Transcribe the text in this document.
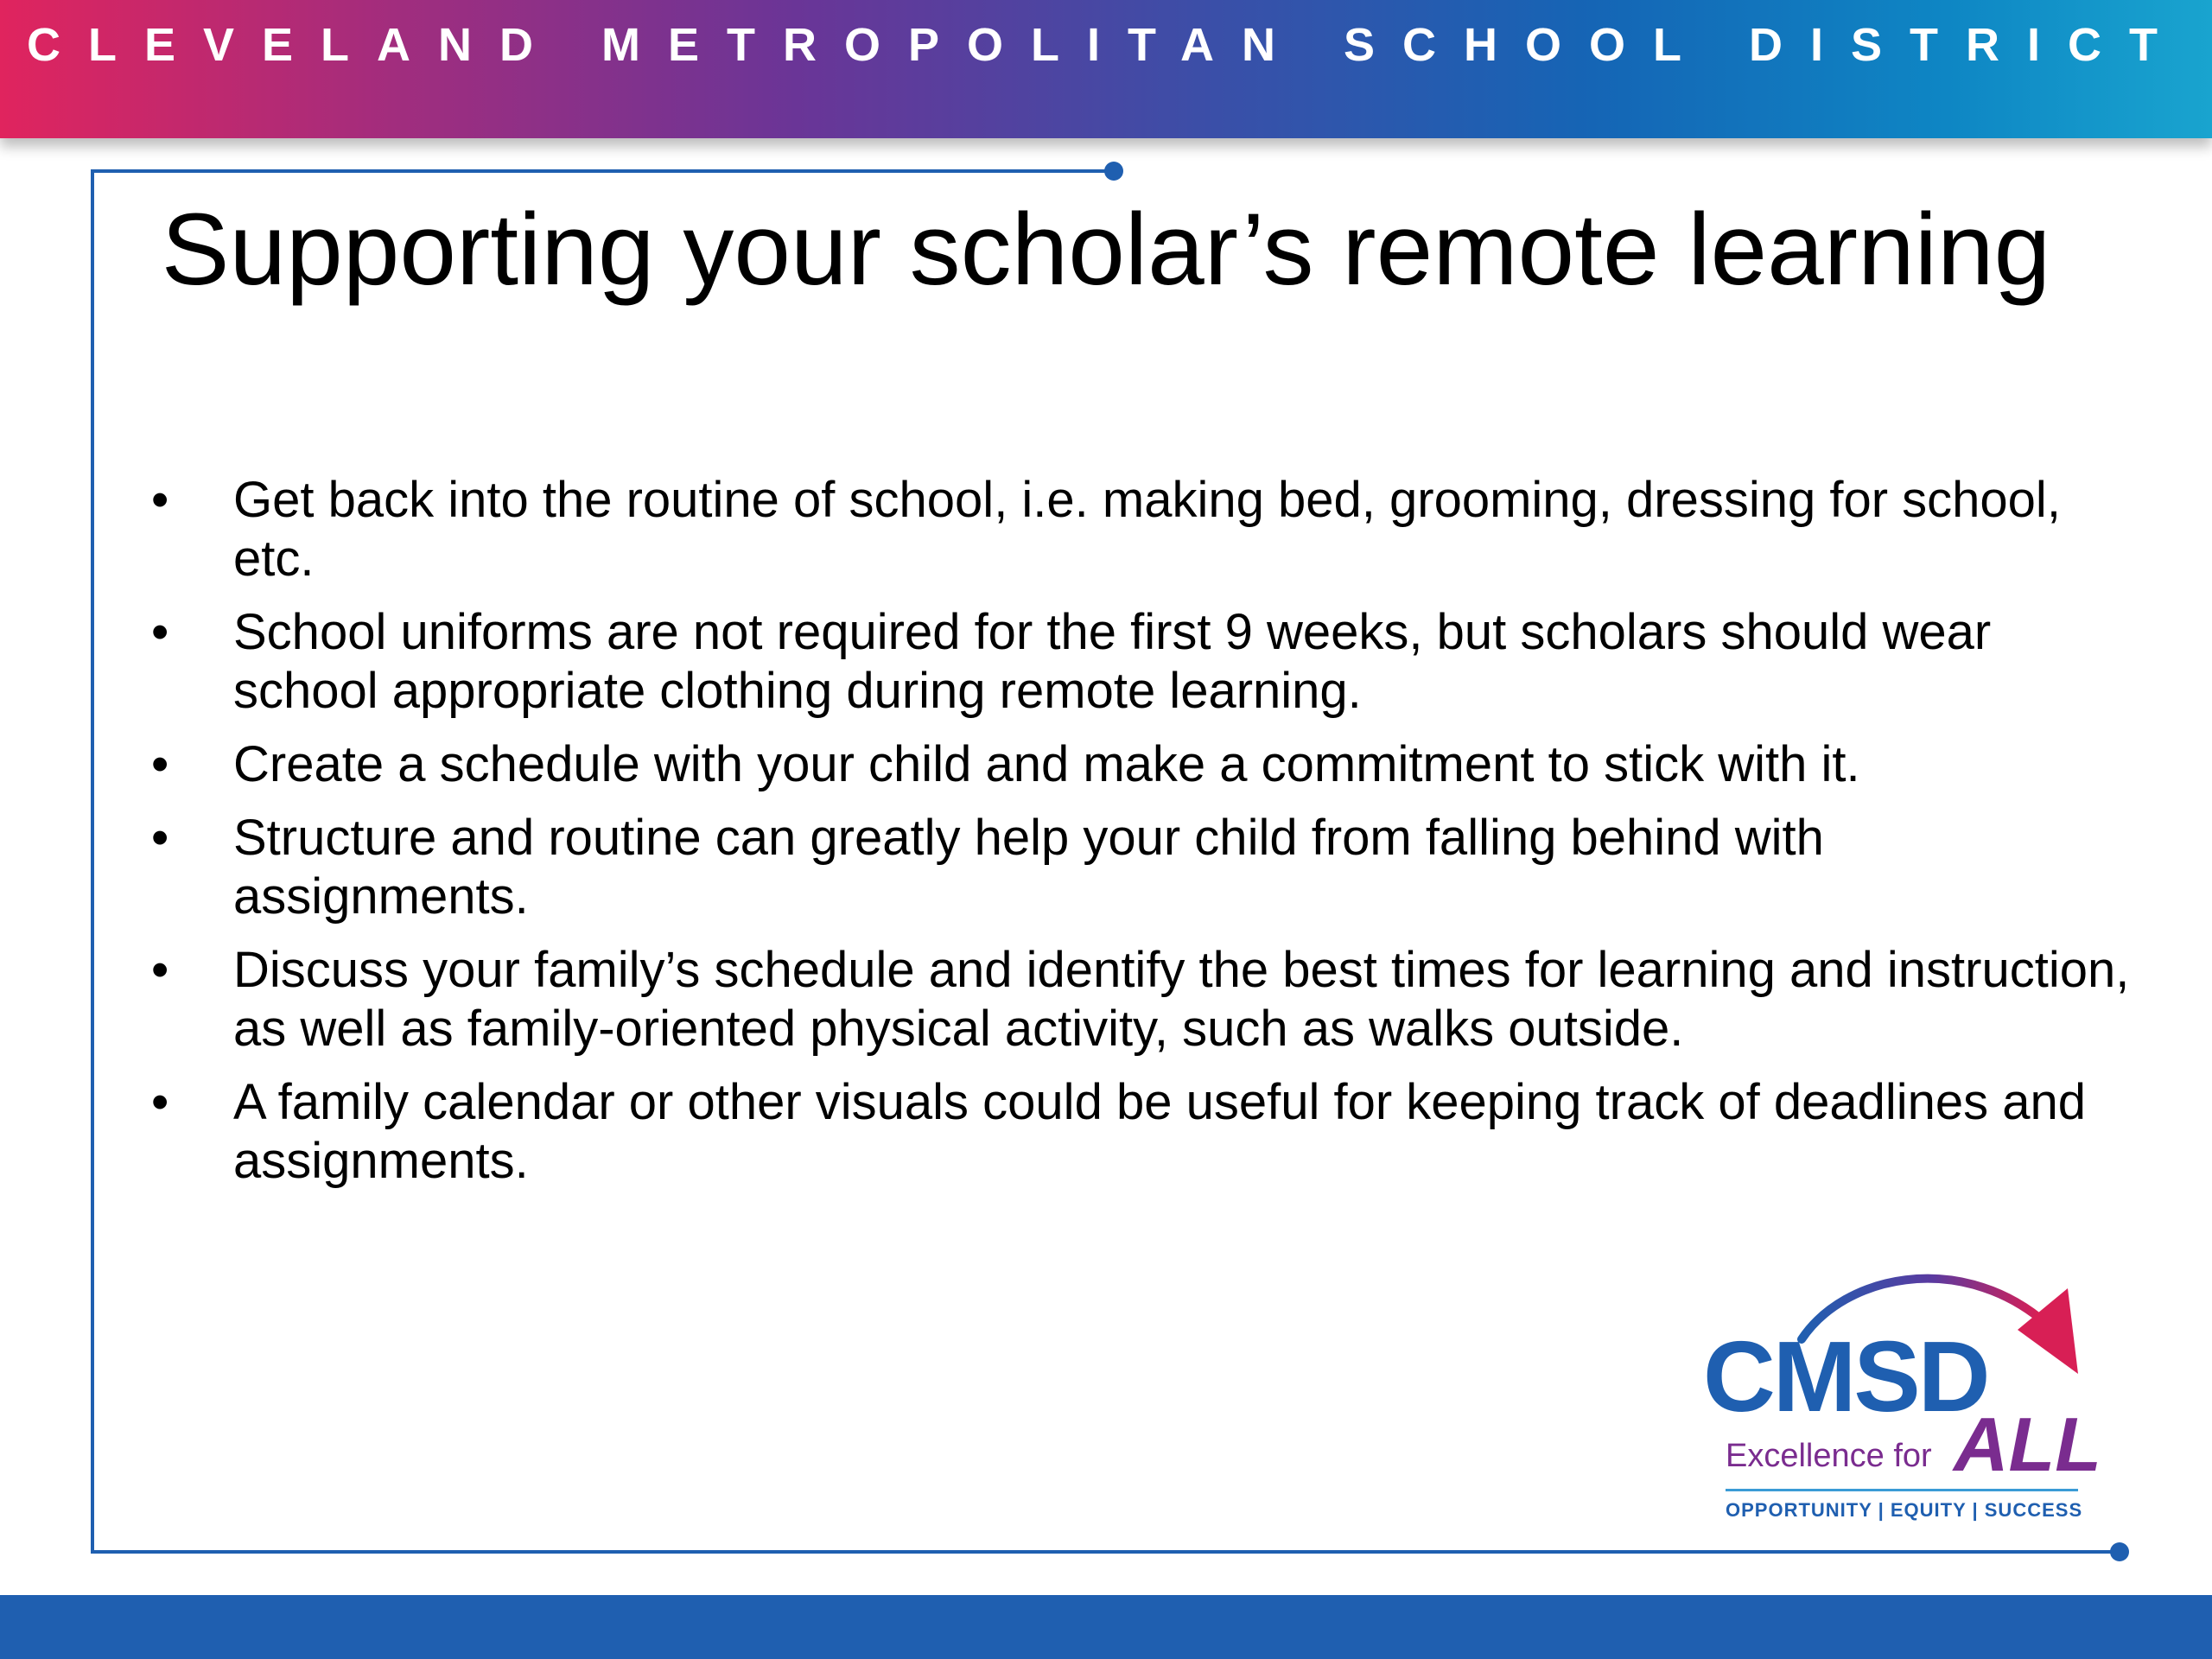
CLEVELAND METROPOLITAN SCHOOL DISTRICT
Supporting your scholar’s remote learning
•	Get back into the routine of school, i.e. making bed, grooming, dressing for school, etc.
•	School uniforms are not required for the first 9 weeks, but scholars should wear school appropriate clothing during remote learning.
•	Create a schedule with your child and make a commitment to stick with it.
•	Structure and routine can greatly help your child from falling behind with assignments.
•	Discuss your family’s schedule and identify the best times for learning and instruction, as well as family-oriented physical activity, such as walks outside.
•	A family calendar or other visuals could be useful for keeping track of deadlines and assignments.
CMSD
Excellence for ALL
OPPORTUNITY | EQUITY | SUCCESS
